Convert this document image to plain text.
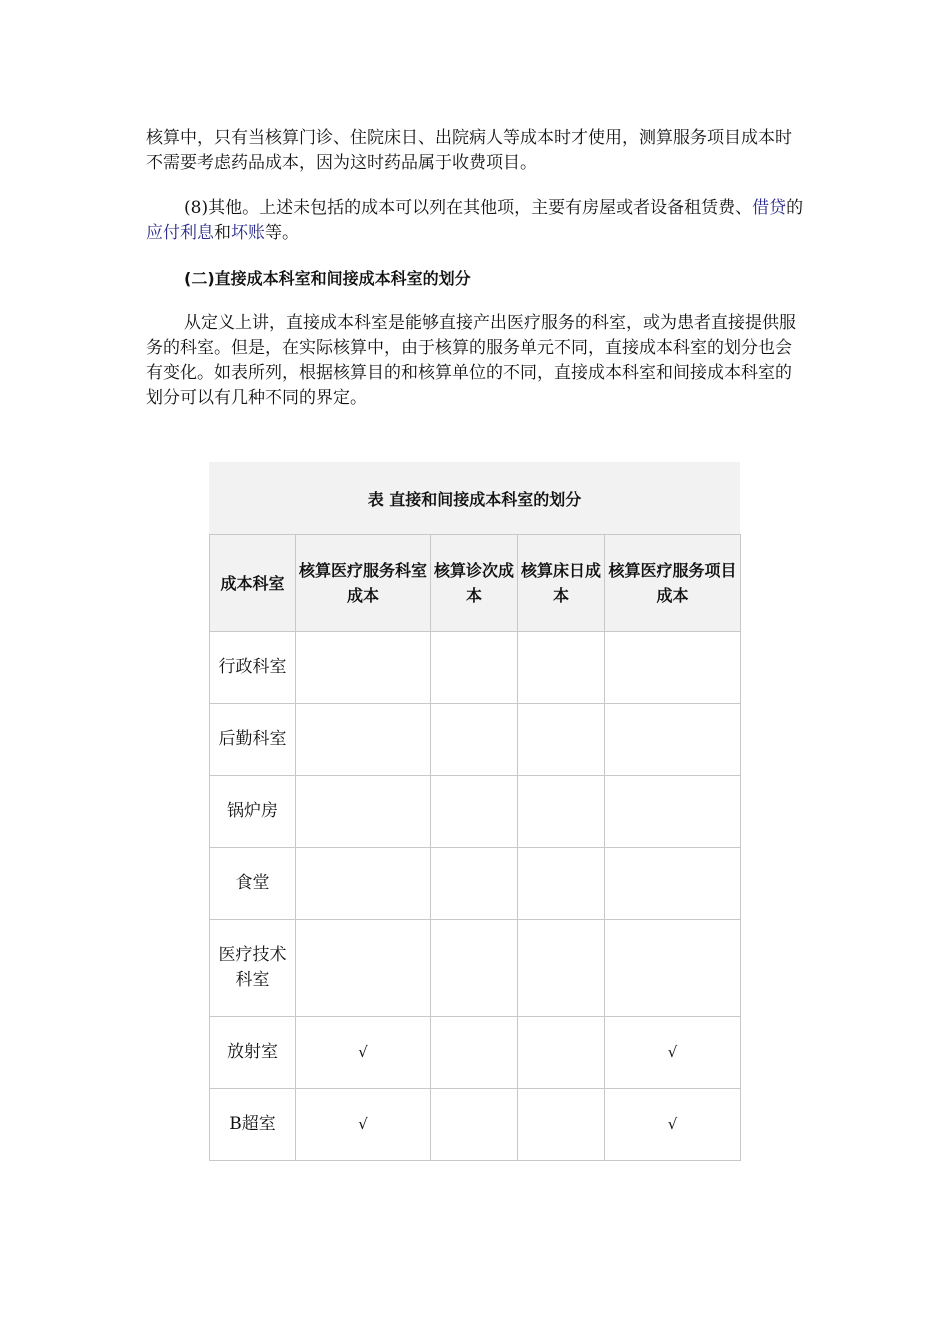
核算中，只有当核算门诊、住院床日、出院病人等成本时才使用，测算服务项目成本时不需要考虑药品成本，因为这时药品属于收费项目。

(8)其他。上述未包括的成本可以列在其他项，主要有房屋或者设备租赁费、借贷的应付利息和坏账等。

(二)直接成本科室和间接成本科室的划分

从定义上讲，直接成本科室是能够直接产出医疗服务的科室，或为患者直接提供服务的科室。但是，在实际核算中，由于核算的服务单元不同，直接成本科室的划分也会有变化。如表所列，根据核算目的和核算单位的不同，直接成本科室和间接成本科室的划分可以有几种不同的界定。

表 直接和间接成本科室的划分
成本科室	核算医疗服务科室成本	核算诊次成本	核算床日成本	核算医疗服务项目成本
行政科室				
后勤科室				
锅炉房				
食堂				
医疗技术科室				
放射室	√			√
B超室	√			√
